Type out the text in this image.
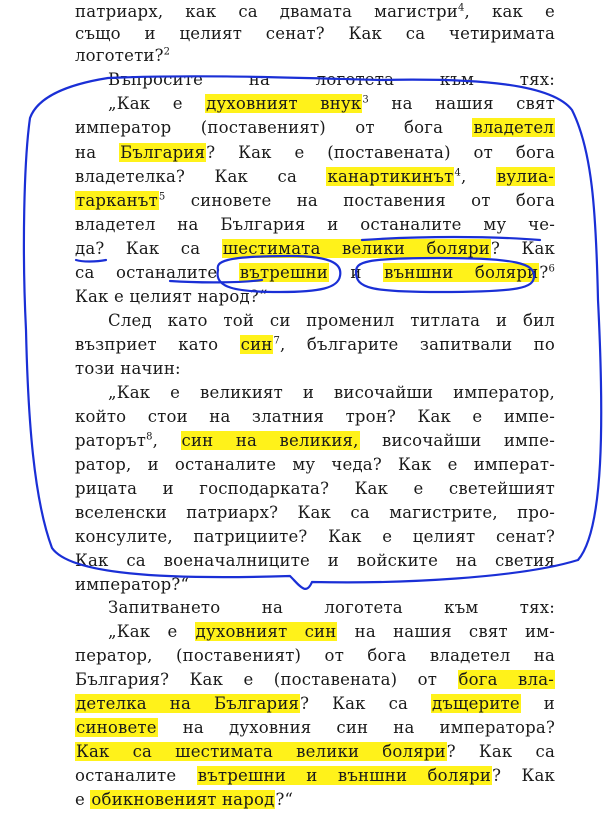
патриарх, как са двамата магистри$^4$, как е
също и целият сенат? Как са четиримата
логотети?$^2$
Въпросите на логотета към тях:
„Как е духовният внук$^3$ на нашия свят
император (поставеният) от бога владетел
на България? Как е (поставената) от бога
владетелка? Как са канартикинът$^4$, вулиа-
тарканът$^5$ синовете на поставения от бога
владетел на България и останалите му че-
да? Как са шестимата велики боляри? Как
са останалите вътрешни и външни боляри?$^6$
Как е целият народ?“
След като той си променил титлата и бил
възприет като син$^7$, българите запитвали по
този начин:
„Как е великият и височайши император,
който стои на златния трон? Как е импе-
раторът$^8$, син на великия, височайши импе-
ратор, и останалите му чеда? Как е императ-
рицата и господарката? Как е светейшият
вселенски патриарх? Как са магистрите, про-
консулите, патрициите? Как е целият сенат?
Как са военачалниците и войските на светия
император?“
Запитването на логотета към тях:
„Как е духовният син на нашия свят им-
ператор, (поставеният) от бога владетел на
България? Как е (поставената) от бога вла-
детелка на България? Как са дъщерите и
синовете на духовния син на императора?
Как са шестимата велики боляри? Как са
останалите вътрешни и външни боляри? Как
е обикновеният народ?“
